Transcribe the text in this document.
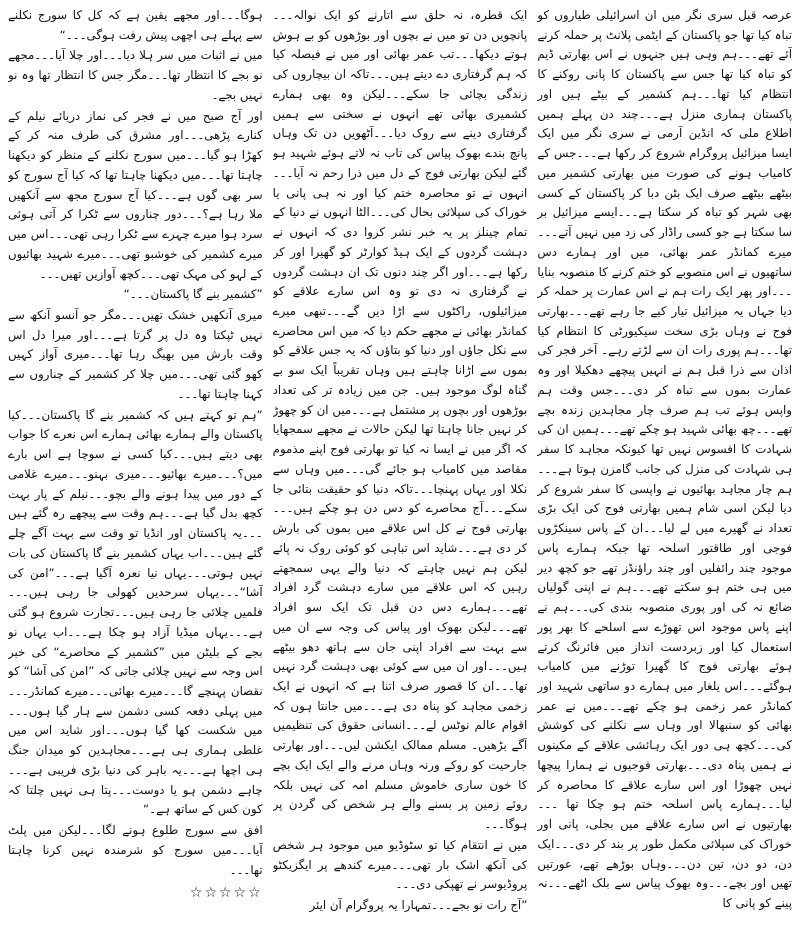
عرصہ قبل سری نگر میں ان اسرائیلی طیاروں کو تباہ کیا تھا جو پاکستان کے ایٹمی پلانٹ پر حملہ کرنے آئے تھے۔۔۔ہم وہی ہیں جنہوں نے اس بھارتی ڈیم کو تباہ کیا تھا جس سے پاکستان کا پانی روکنے کا انتظام کیا تھا۔۔۔ہم کشمیر کے بیٹے ہیں اور پاکستان ہماری منزل ہے۔۔۔چند دن پہلے ہمیں اطلاع ملی کہ انڈین آرمی نے سری نگر میں ایک ایسا میزائیل پروگرام شروع کر رکھا ہے۔۔۔جس کے کامیاب ہونے کی صورت میں بھارتی کشمیر میں بیٹھے بیٹھے صرف ایک بٹن دبا کر پاکستان کے کسی بھی شہر کو تباہ کر سکتا ہے۔۔۔ایسے میزائیل بر سا سکتا ہے جو کسی راڈار کی زد میں نہیں آتے۔۔۔میرے کمانڈر عمر بھائی، میں اور ہمارے دس ساتھیوں نے اس منصوبے کو ختم کرنے کا منصوبہ بنایا ۔۔۔اور پھر ایک رات ہم نے اس عمارت پر حملہ کر دیا جہاں یہ میزائیل تیار کیے جا رہے تھے۔۔۔بھارتی فوج نے وہاں بڑی سخت سیکیورٹی کا انتظام کیا تھا۔۔۔ہم پوری رات ان سے لڑتے رہے۔ آخر فجر کی اذان سے ذرا قبل ہم نے انہیں پیچھے دھکیلا اور وہ عمارت بموں سے تباہ کر دی۔۔۔جس وقت ہم واپس ہوئے تب ہم صرف چار مجاہدین زندہ بچے تھے۔۔۔چھ بھائی شہید ہو چکے تھے۔۔۔ہمیں ان کی شہادت کا افسوس نہیں تھا کیونکہ مجاہد کا سفر ہی شہادت کی منزل کی جانب گامزن ہوتا ہے۔۔۔ہم چار مجاہد بھائیوں نے واپسی کا سفر شروع کر دیا لیکن اسی شام ہمیں بھارتی فوج کی ایک بڑی تعداد نے گھیرے میں لے لیا۔۔۔ان کے پاس سینکڑوں فوجی اور طاقتور اسلحہ تھا جبکہ ہمارے پاس موجود چند رائفلیں اور چند راؤنڈز تھے جو کچھ دیر میں ہی ختم ہو سکتے تھے۔۔۔ہم نے اپنی گولیاں ضائع نہ کی اور پوری منصوبہ بندی کی۔۔۔ہم نے اپنے پاس موجود اس تھوڑے سے اسلحے کا بھر پور استعمال کیا اور زبردست انداز میں فائرنگ کرتے ہوئے بھارتی فوج کا گھیرا توڑنے میں کامیاب ہوگئے۔۔۔اس یلغار میں ہمارے دو ساتھی شہید اور کمانڈر عمر زخمی ہو چکے تھے۔۔۔میں نے عمر بھائی کو سنبھالا اور وہاں سے نکلنے کی کوشش کی۔۔۔کچھ ہی دور ایک رہائشی علاقے کے مکینوں نے ہمیں پناہ دی۔۔۔بھارتی فوجیوں نے ہمارا پیچھا نہیں چھوڑا اور اس سارے علاقے کا محاصرہ کر لیا۔۔۔ہمارے پاس اسلحہ ختم ہو چکا تھا ۔۔۔بھارتیوں نے اس سارے علاقے میں بجلی، پانی اور خوراک کی سپلائی مکمل طور پر بند کر دی۔۔۔ایک دن، دو دن، تین دن۔۔۔وہاں بوڑھے تھے، عورتیں تھیں اور بچے۔۔۔وہ بھوک پیاس سے بلک اٹھے۔۔۔نہ پینے کو پانی کا

ایک قطرہ، نہ حلق سے اتارنے کو ایک نوالہ۔۔۔پانچویں دن تو میں نے بچوں اور بوڑھوں کو بے ہوش ہوتے دیکھا۔۔۔تب عمر بھائی اور میں نے فیصلہ کیا کہ ہم گرفتاری دے دیتے ہیں۔۔۔تاکہ ان بیچاروں کی زندگی بچائی جا سکے۔۔۔لیکن وہ بھی ہمارے کشمیری بھائی تھے انہوں نے سختی سے ہمیں گرفتاری دینے سے روک دیا۔۔۔آٹھویں دن تک وہاں پانچ بندے بھوک پیاس کی تاب نہ لاتے ہوئے شہید ہو گئے لیکن بھارتی فوج کے دل میں ذرا رحم نہ آیا۔۔۔انہوں نے تو محاصرہ ختم کیا اور نہ ہی پانی یا خوراک کی سپلائی بحال کی۔۔۔الٹا انہوں نے دنیا کے تمام چینلز پر یہ خبر نشر کروا دی کہ انہوں نے دہشت گردوں کے ایک ہیڈ کوارٹر کو گھیرا اور کر رکھا ہے۔۔۔اور اگر چند دنوں تک ان دہشت گردوں نے گرفتاری نہ دی تو وہ اس سارے علاقے کو میزائیلوں، راکٹوں سے اڑا دیں گے۔۔۔تبھی میرے کمانڈر بھائی نے مجھے حکم دیا کہ میں اس محاصرے سے نکل جاؤں اور دنیا کو بتاؤں کہ یہ جس علاقے کو بموں سے اڑانا چاہتے ہیں وہاں تقریباً ایک سو بے گناہ لوگ موجود ہیں۔ جن میں زیادہ تر کی تعداد بوڑھوں اور بچوں پر مشتمل ہے۔۔۔میں ان کو چھوڑ کر نہیں جانا چاہتا تھا لیکن حالات نے مجھے سمجھایا کہ اگر میں نے ایسا نہ کیا تو بھارتی فوج اپنے مذموم مقاصد میں کامیاب ہو جائے گی۔۔۔میں وہاں سے نکلا اور یہاں پہنچا۔۔۔تاکہ دنیا کو حقیقت بتائی جا سکے۔۔۔آج محاصرے کو دس دن ہو چکے ہیں۔۔۔بھارتی فوج نے کل اس علاقے میں بموں کی بارش کر دی ہے۔۔۔شاید اس تباہی کو کوئی روک نہ پائے لیکن ہم نہیں چاہتے کہ دنیا والے یہی سمجھتے رہیں کہ اس علاقے میں سارے دہشت گرد افراد تھے۔۔۔ہمارے دس دن قبل تک ایک سو افراد تھے۔۔۔لیکن بھوک اور پیاس کی وجہ سے ان میں سے بہت سے افراد اپنی جان سے ہاتھ دھو بیٹھے ہیں۔۔۔اور ان میں سے کوئی بھی دہشت گرد نہیں تھا۔۔۔ان کا قصور صرف اتنا ہے کہ انہوں نے ایک زخمی مجاہد کو پناہ دی ہے۔۔۔میں جانتا ہوں کہ اقوام عالم نوٹس لے۔۔۔انسانی حقوق کی تنظیمیں آگے بڑھیں۔ مسلم ممالک ایکشن لیں۔۔۔اور بھارتی جارحیت کو روکے ورنہ وہاں مرنے والے ایک ایک بچے کا خون ساری خاموش مسلم امہ کی نہیں بلکہ روئے زمین پر بسنے والے ہر شخص کی گردن پر ہوگا۔۔۔

میں نے انتقام کیا تو سٹوڈیو میں موجود ہر شخص کی آنکھ اشک بار تھی۔۔۔میرے کندھے پر ایگزیکٹو پروڈیوسر نے تھپکی دی۔۔۔

”آج رات نو بجے۔۔۔تمہارا یہ پروگرام آن ایئر

ہوگا۔۔۔اور مجھے یقین ہے کہ کل کا سورج نکلنے سے پہلے ہی اچھی پیش رفت ہوگی۔۔۔“

میں نے اثبات میں سر ہلا دیا۔۔۔اور چلا آیا۔۔۔مجھے نو بجے کا انتظار تھا۔۔۔مگر جس کا انتظار تھا وہ نو نہیں بجے۔

اور آج صبح میں نے فجر کی نماز دریائے نیلم کے کنارے پڑھی۔۔۔اور مشرق کی طرف منہ کر کے کھڑا ہو گیا۔۔۔میں سورج نکلنے کے منظر کو دیکھنا چاہتا تھا۔۔۔میں دیکھنا چاہتا تھا کہ کیا آج سورج کو سر بھی گوں ہے۔۔۔کیا آج سورج مجھ سے آنکھیں ملا رہا ہے؟۔۔۔دور چناروں سے ٹکرا کر آتی ہوئی سرد ہوا میرے چہرے سے ٹکرا رہی تھی۔۔۔اس میں میرے کشمیر کی خوشبو تھی۔۔۔میرے شہید بھائیوں کے لہو کی مہک تھی۔۔۔کچھ آوازیں تھیں۔۔۔

”کشمیر بنے گا پاکستان۔۔۔“

میری آنکھیں خشک تھیں۔۔۔مگر جو آنسو آنکھ سے نہیں ٹپکتا وہ دل پر گرتا ہے۔۔۔اور میرا دل اس وقت بارش میں بھیگ رہا تھا۔۔۔میری آواز کہیں کھو گئی تھی۔۔۔میں چلا کر کشمیر کے چناروں سے کہنا چاہتا تھا۔۔۔

”ہم تو کہتے ہیں کہ کشمیر بنے گا پاکستان۔۔۔کیا پاکستان والے ہمارے بھائی ہمارے اس نعرے کا جواب بھی دیتے ہیں۔۔۔کیا کسی نے سوچا ہے اس بارے میں؟۔۔۔میرے بھائیو۔۔۔میری بہنو۔۔۔میرے غلامی کے دور میں پیدا ہونے والے بچو۔۔۔نیلم کے پار بہت کچھ بدل گیا ہے۔۔۔ہم وقت سے پیچھے رہ گئے ہیں ۔۔۔یہ پاکستان اور انڈیا تو وقت سے بہت آگے چلے گئے ہیں۔۔۔اب یہاں کشمیر بنے گا پاکستان کی بات نہیں ہوتی۔۔۔یہاں نیا نعرہ آگیا ہے۔۔۔”امن کی آشا“۔۔۔یہاں سرحدیں کھولی جا رہی ہیں۔۔۔فلمیں چلائی جا رہی ہیں۔۔۔تجارت شروع ہو گئی ہے۔۔۔یہاں میڈیا آزاد ہو چکا ہے۔۔۔اب یہاں نو بجے کے بلیٹن میں ”کشمیر کے محاصرے“ کی خبر اس وجہ سے نہیں چلائی جاتی کہ ”امن کی آشا“ کو نقصان پہنچے گا۔۔۔میرے بھائی۔۔۔میرے کمانڈر۔۔۔میں پہلی دفعہ کسی دشمن سے ہار گیا ہوں۔۔۔میں شکست کھا گیا ہوں۔۔۔اور شاید اس میں غلطی ہماری ہی ہے۔۔۔مجاہدین کو میدان جنگ ہی اچھا ہے۔۔۔یہ باہر کی دنیا بڑی فریبی ہے۔۔۔چاہے دشمن ہو یا دوست۔۔۔پتا ہی نہیں چلتا کہ کون کس کے ساتھ ہے۔“

افق سے سورج طلوع ہونے لگا۔۔۔لیکن میں پلٹ آیا۔۔۔میں سورج کو شرمندہ نہیں کرنا چاہتا تھا۔۔۔

☆☆☆☆☆
